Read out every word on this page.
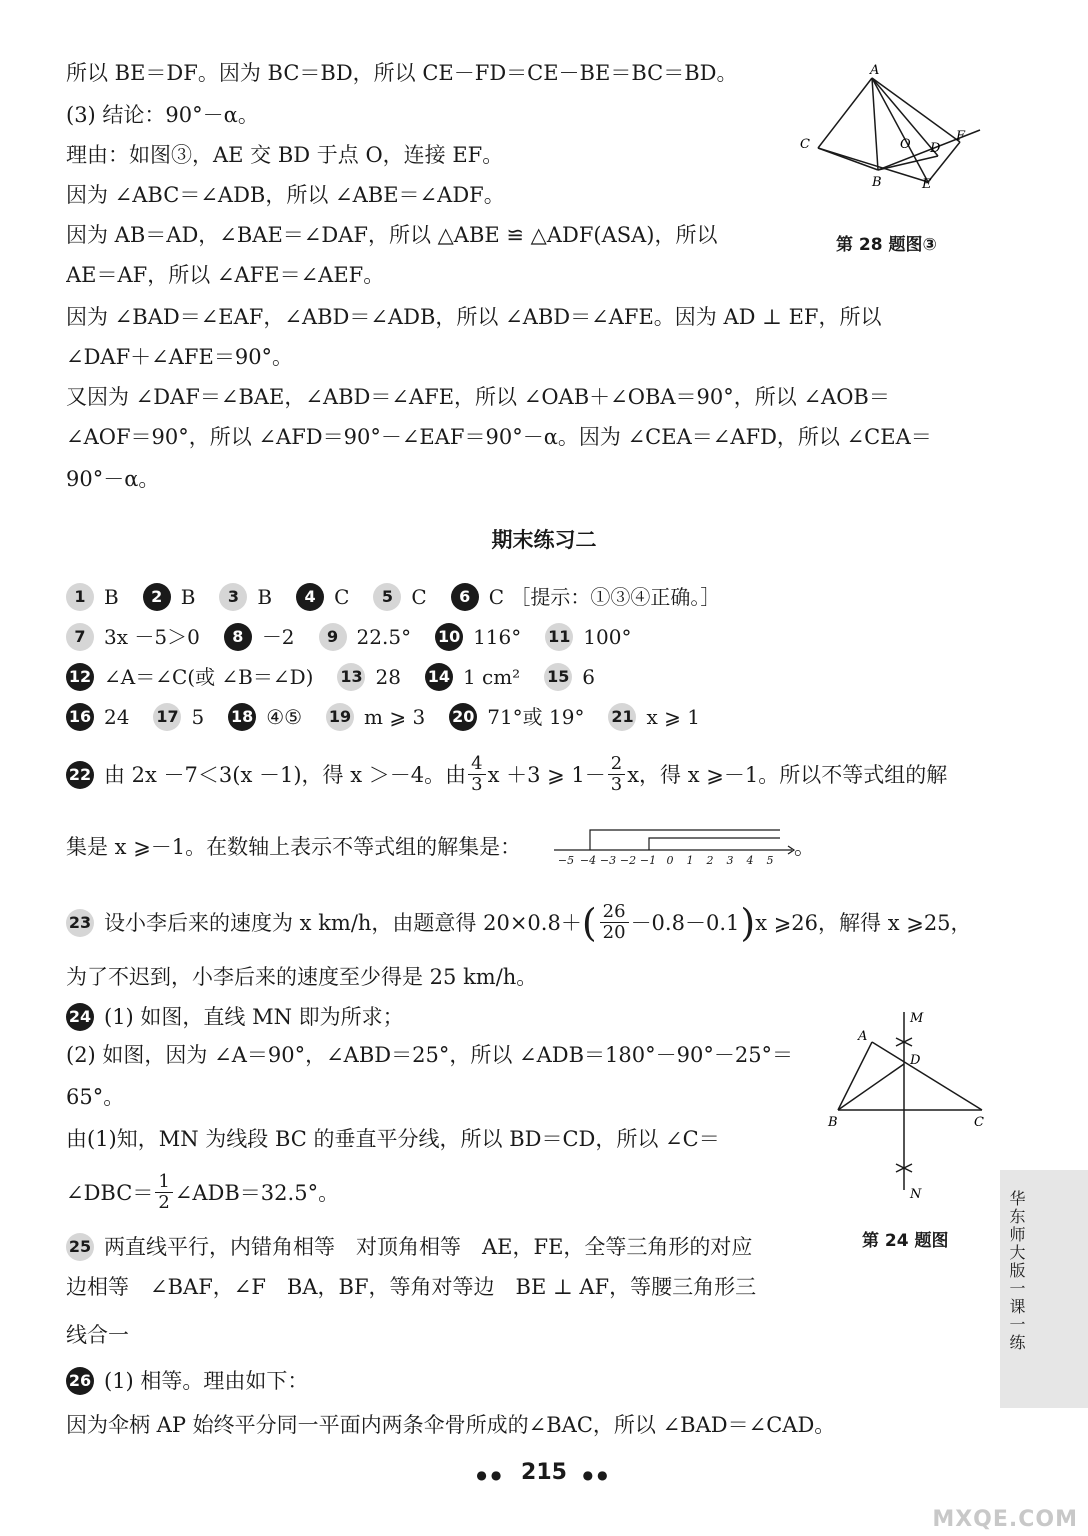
所以 BE＝DF。因为 BC＝BD，所以 CE－FD＝CE－BE＝BC＝BD。
(3) 结论：90°－α。
理由：如图③，AE 交 BD 于点 O，连接 EF。
因为 ∠ABC＝∠ADB，所以 ∠ABE＝∠ADF。
因为 AB＝AD，∠BAE＝∠DAF，所以 △ABE ≌ △ADF(ASA)，所以
AE＝AF，所以 ∠AFE＝∠AEF。
因为 ∠BAD＝∠EAF，∠ABD＝∠ADB，所以 ∠ABD＝∠AFE。因为 AD ⊥ EF，所以
∠DAF＋∠AFE＝90°。
又因为 ∠DAF＝∠BAE，∠ABD＝∠AFE，所以 ∠OAB＋∠OBA＝90°，所以 ∠AOB＝
∠AOF＝90°，所以 ∠AFD＝90°－∠EAF＝90°－α。因为 ∠CEA＝∠AFD，所以 ∠CEA＝
90°－α。
A
B
C	D
E
F
O
第 28 题图③
期末练习二
1 B	2 B	3 B	4 C	5 C	6 C ［提示：①③④正确。］
7 3x －5＞0	8 －2	9 22.5° 10 116° 11 100°
12 ∠A＝∠C(或 ∠B＝∠D) 13 28 14 1 cm² 15 6
16 24 17 5 18 ④⑤ 19 m ⩾ 3 20 71°或 19° 21 x ⩾ 1
22 由 2x －7＜3(x －1)，得 x ＞－4。由 $\frac{4}{3}$ x ＋3 ⩾ $1- \frac{2}{3}$ x，得 x ⩾－1。所以不等式组的解
集是 x ⩾－1。在数轴上表示不等式组的解集是：
−5 −4 −3 −2 −1 0 1 2 3 4 5
。
23 设小李后来的速度为 x km/h，由题意得 20×0.8＋ ( $\frac{26}{20} -0.8-0.1$ ) x ⩾26，解得 x ⩾25，
为了不迟到，小李后来的速度至少得是 25 km/h。
24 (1) 如图，直线 MN 即为所求；
(2) 如图，因为 ∠A＝90°，∠ABD＝25°，所以 ∠ADB＝180°－90°－25°＝
65°。
由(1)知，MN 为线段 BC 的垂直平分线，所以 BD＝CD，所以 ∠C＝
∠DBC＝ $\frac{1}{2}$ ∠ADB＝32.5°。
A
B	C
D
M
N
第 24 题图
25 两直线平行，内错角相等　对顶角相等　AE，FE，全等三角形的对应
边相等　∠BAF，∠F　BA，BF，等角对等边　BE ⊥ AF，等腰三角形三
线合一
26 (1) 相等。理由如下：
因为伞柄 AP 始终平分同一平面内两条伞骨所成的∠BAC，所以 ∠BAD＝∠CAD。
华东师大版一课一练
●● 215 ●●
MXQE.COM
